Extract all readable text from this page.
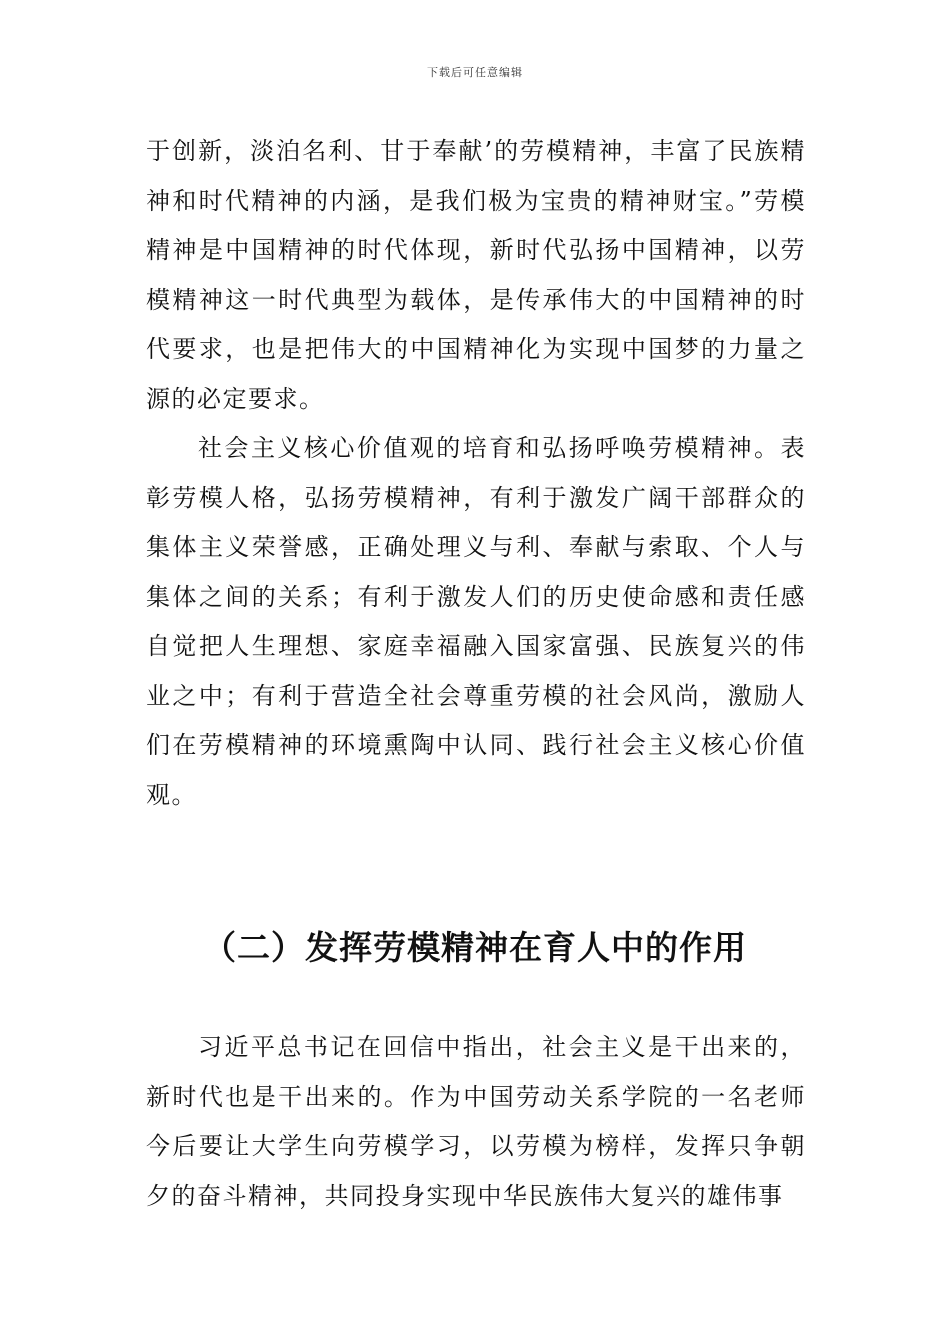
下载后可任意编辑

于创新，淡泊名利、甘于奉献’的劳模精神，丰富了民族精神和时代精神的内涵，是我们极为宝贵的精神财宝。”劳模精神是中国精神的时代体现，新时代弘扬中国精神，以劳模精神这一时代典型为载体，是传承伟大的中国精神的时代要求，也是把伟大的中国精神化为实现中国梦的力量之源的必定要求。

社会主义核心价值观的培育和弘扬呼唤劳模精神。表彰劳模人格，弘扬劳模精神，有利于激发广阔干部群众的集体主义荣誉感，正确处理义与利、奉献与索取、个人与集体之间的关系；有利于激发人们的历史使命感和责任感自觉把人生理想、家庭幸福融入国家富强、民族复兴的伟业之中；有利于营造全社会尊重劳模的社会风尚，激励人们在劳模精神的环境熏陶中认同、践行社会主义核心价值观。

（二）发挥劳模精神在育人中的作用

习近平总书记在回信中指出，社会主义是干出来的，新时代也是干出来的。作为中国劳动关系学院的一名老师今后要让大学生向劳模学习，以劳模为榜样，发挥只争朝夕的奋斗精神，共同投身实现中华民族伟大复兴的雄伟事
